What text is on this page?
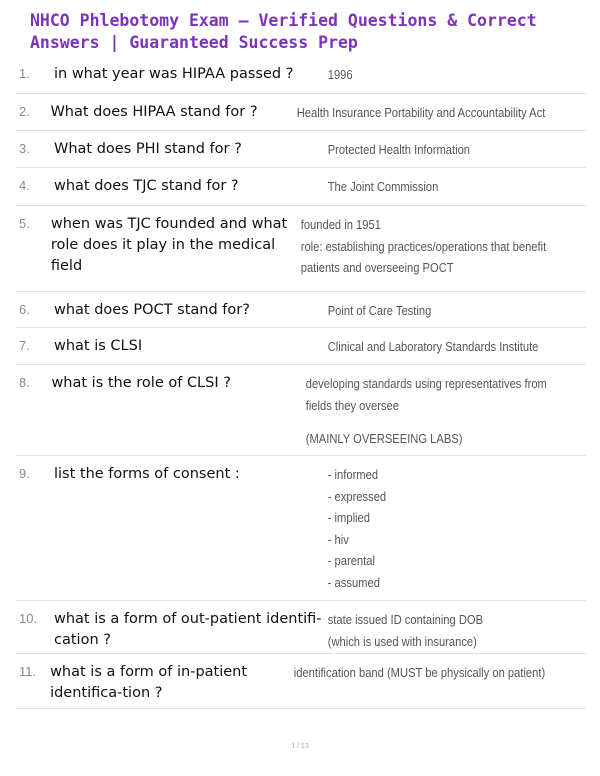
NHCO Phlebotomy Exam – Verified Questions & Correct Answers | Guaranteed Success Prep
1.	in what year was HIPAA passed ?	1996
2.	What does HIPAA stand for ?	Health Insurance Portability and Accountability Act
3.	What does PHI stand for ?	Protected Health Information
4.	what does TJC stand for ?	The Joint Commission
5.	when was TJC founded and what role does it play in the medical field
founded in 1951
role: establishing practices/operations that benefit
patients and overseeing POCT
6.	what does POCT stand for?	Point of Care Testing
7.	what is CLSI	Clinical and Laboratory Standards Institute
8.	what is the role of CLSI ?	developing standards using representatives from
fields they oversee
(MAINLY OVERSEEING LABS)
9.	list the forms of consent :	- informed
- expressed
- implied
- hiv
- parental
- assumed
10.	what is a form of out-patient identifi-cation ?
state issued ID containing DOB
(which is used with insurance)
11. what is a form of in-patient identifica-tion ?
identification band (MUST be physically on patient)
1 / 13
